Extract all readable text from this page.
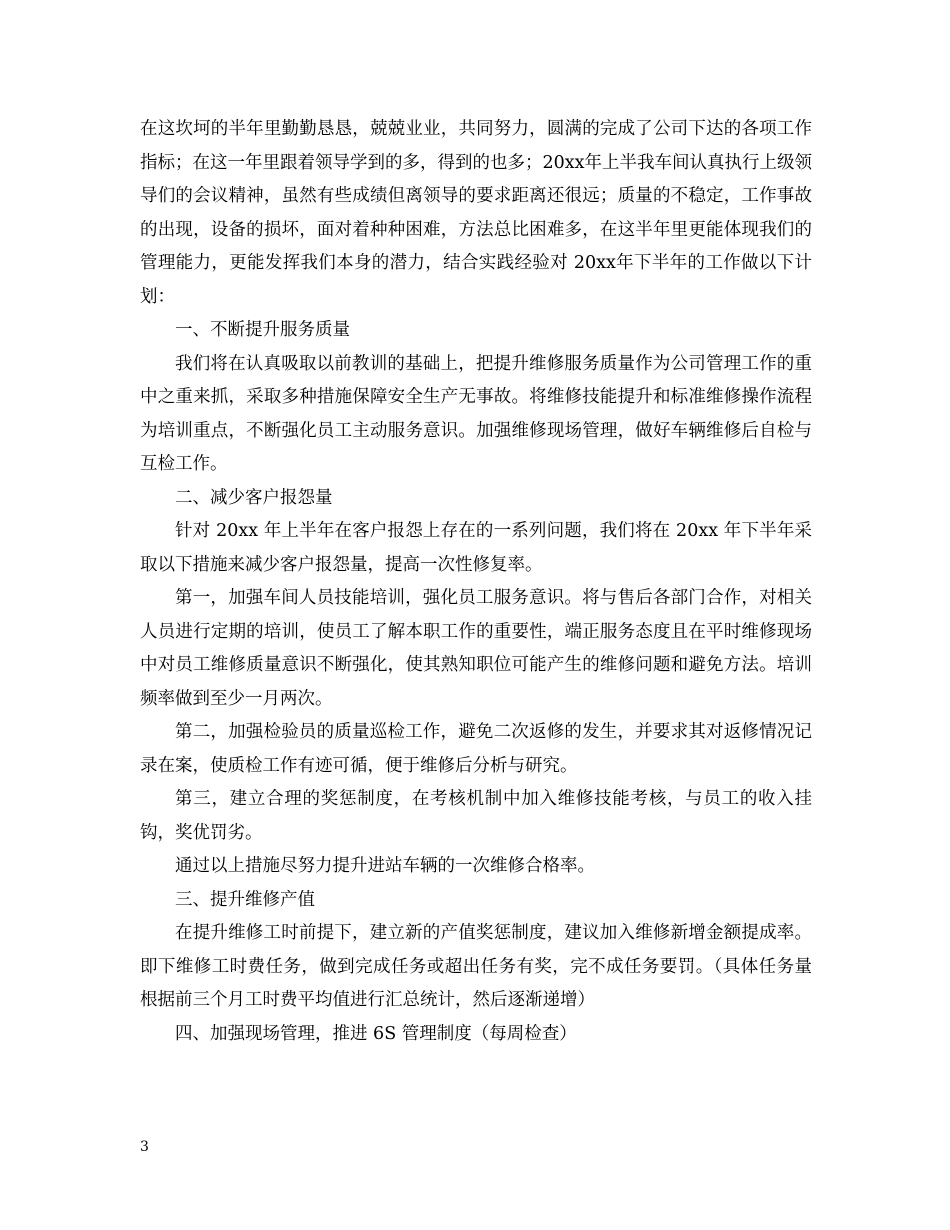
在这坎坷的半年里勤勤恳恳，兢兢业业，共同努力，圆满的完成了公司下达的各项工作指标；在这一年里跟着领导学到的多，得到的也多；20xx年上半我车间认真执行上级领导们的会议精神，虽然有些成绩但离领导的要求距离还很远；质量的不稳定，工作事故的出现，设备的损坏，面对着种种困难，方法总比困难多，在这半年里更能体现我们的管理能力，更能发挥我们本身的潜力，结合实践经验对 20xx年下半年的工作做以下计划：

一、不断提升服务质量

我们将在认真吸取以前教训的基础上，把提升维修服务质量作为公司管理工作的重中之重来抓，采取多种措施保障安全生产无事故。将维修技能提升和标准维修操作流程为培训重点，不断强化员工主动服务意识。加强维修现场管理，做好车辆维修后自检与互检工作。

二、减少客户报怨量

针对 20xx 年上半年在客户报怨上存在的一系列问题，我们将在 20xx 年下半年采取以下措施来减少客户报怨量，提高一次性修复率。

第一，加强车间人员技能培训，强化员工服务意识。将与售后各部门合作，对相关人员进行定期的培训，使员工了解本职工作的重要性，端正服务态度且在平时维修现场中对员工维修质量意识不断强化，使其熟知职位可能产生的维修问题和避免方法。培训频率做到至少一月两次。

第二，加强检验员的质量巡检工作，避免二次返修的发生，并要求其对返修情况记录在案，使质检工作有迹可循，便于维修后分析与研究。

第三，建立合理的奖惩制度，在考核机制中加入维修技能考核，与员工的收入挂钩，奖优罚劣。

通过以上措施尽努力提升进站车辆的一次维修合格率。

三、提升维修产值

在提升维修工时前提下，建立新的产值奖惩制度，建议加入维修新增金额提成率。即下维修工时费任务，做到完成任务或超出任务有奖，完不成任务要罚。（具体任务量根据前三个月工时费平均值进行汇总统计，然后逐渐递增）

四、加强现场管理，推进 6S 管理制度（每周检查）

3
